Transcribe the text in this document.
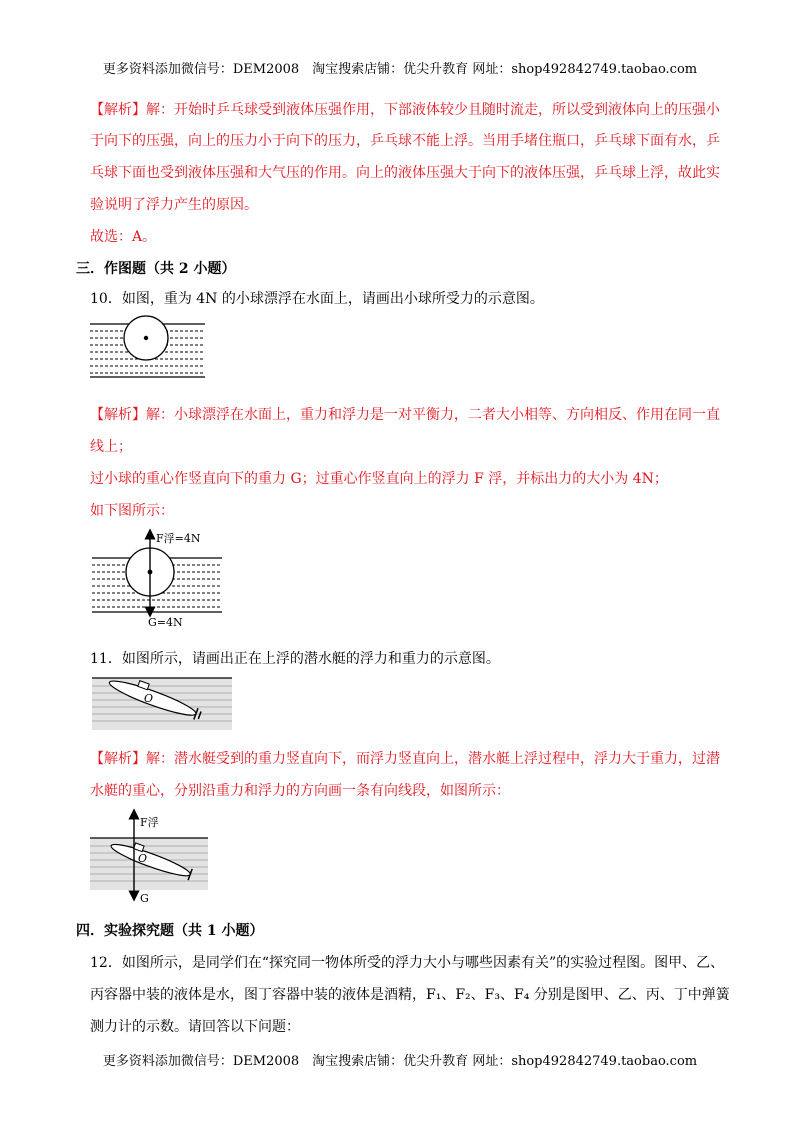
更多资料添加微信号：DEM2008　淘宝搜索店铺：优尖升教育 网址：shop492842749.taobao.com
【解析】解：开始时乒乓球受到液体压强作用，下部液体较少且随时流走，所以受到液体向上的压强小
于向下的压强，向上的压力小于向下的压力，乒乓球不能上浮。当用手堵住瓶口，乒乓球下面有水，乒
乓球下面也受到液体压强和大气压的作用。向上的液体压强大于向下的液体压强，乒乓球上浮，故此实
验说明了浮力产生的原因。
故选：A。
三．作图题（共 2 小题）
10．如图，重为 4N 的小球漂浮在水面上，请画出小球所受力的示意图。
【解析】解：小球漂浮在水面上，重力和浮力是一对平衡力，二者大小相等、方向相反、作用在同一直
线上；
过小球的重心作竖直向下的重力 G；过重心作竖直向上的浮力 F 浮，并标出力的大小为 4N；
如下图所示：
F浮=4N
G=4N
11．如图所示，请画出正在上浮的潜水艇的浮力和重力的示意图。
O
【解析】解：潜水艇受到的重力竖直向下，而浮力竖直向上，潜水艇上浮过程中，浮力大于重力，过潜
水艇的重心，分别沿重力和浮力的方向画一条有向线段，如图所示：
O
F浮
G
四．实验探究题（共 1 小题）
12．如图所示，是同学们在“探究同一物体所受的浮力大小与哪些因素有关”的实验过程图。图甲、乙、
丙容器中装的液体是水，图丁容器中装的液体是酒精，F₁、F₂、F₃、F₄ 分别是图甲、乙、丙、丁中弹簧
测力计的示数。请回答以下问题：
更多资料添加微信号：DEM2008　淘宝搜索店铺：优尖升教育 网址：shop492842749.taobao.com
